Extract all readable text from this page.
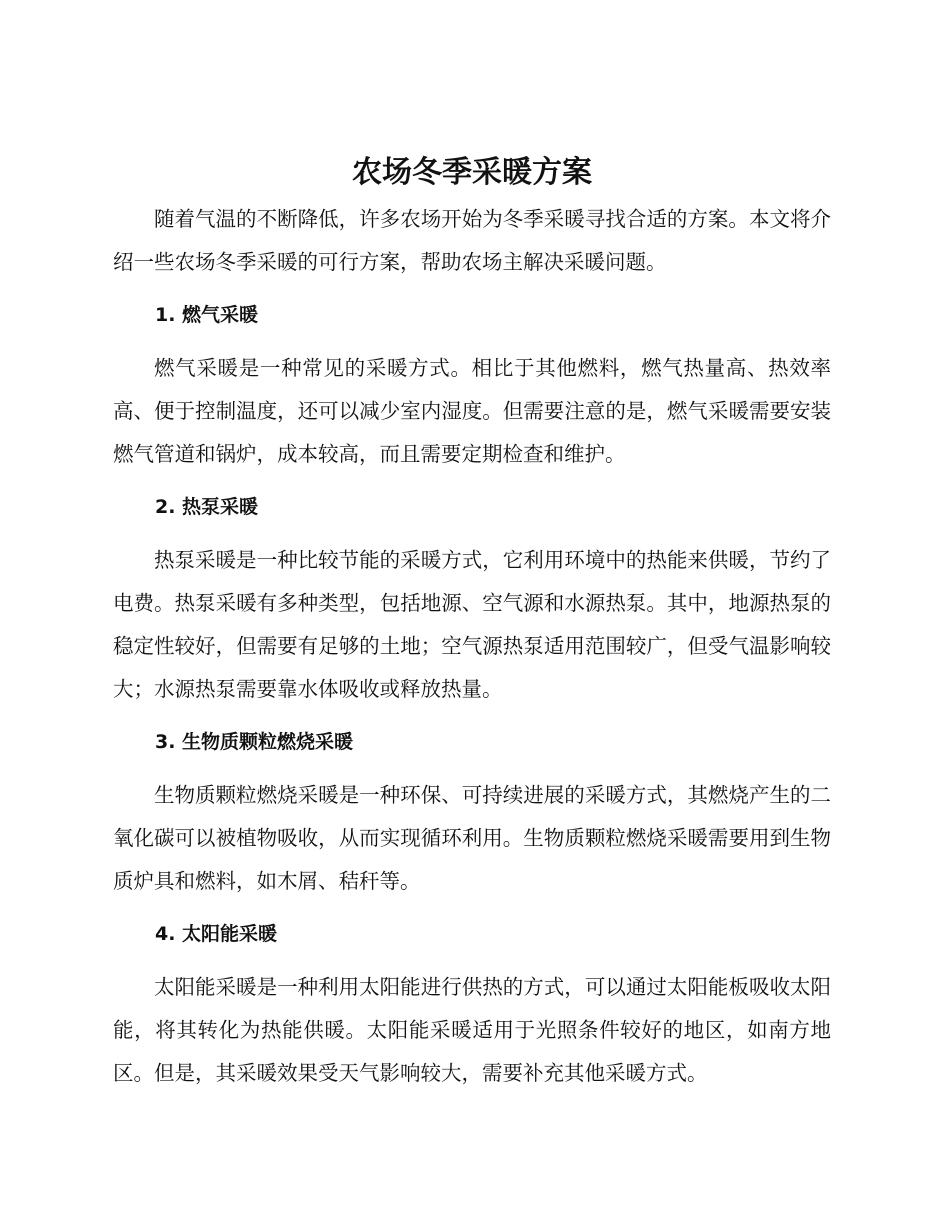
农场冬季采暖方案

随着气温的不断降低，许多农场开始为冬季采暖寻找合适的方案。本文将介绍一些农场冬季采暖的可行方案，帮助农场主解决采暖问题。

1. 燃气采暖

燃气采暖是一种常见的采暖方式。相比于其他燃料，燃气热量高、热效率高、便于控制温度，还可以减少室内湿度。但需要注意的是，燃气采暖需要安装燃气管道和锅炉，成本较高，而且需要定期检查和维护。

2. 热泵采暖

热泵采暖是一种比较节能的采暖方式，它利用环境中的热能来供暖，节约了电费。热泵采暖有多种类型，包括地源、空气源和水源热泵。其中，地源热泵的稳定性较好，但需要有足够的土地；空气源热泵适用范围较广，但受气温影响较大；水源热泵需要靠水体吸收或释放热量。

3. 生物质颗粒燃烧采暖

生物质颗粒燃烧采暖是一种环保、可持续进展的采暖方式，其燃烧产生的二氧化碳可以被植物吸收，从而实现循环利用。生物质颗粒燃烧采暖需要用到生物质炉具和燃料，如木屑、秸秆等。

4. 太阳能采暖

太阳能采暖是一种利用太阳能进行供热的方式，可以通过太阳能板吸收太阳能，将其转化为热能供暖。太阳能采暖适用于光照条件较好的地区，如南方地区。但是，其采暖效果受天气影响较大，需要补充其他采暖方式。
